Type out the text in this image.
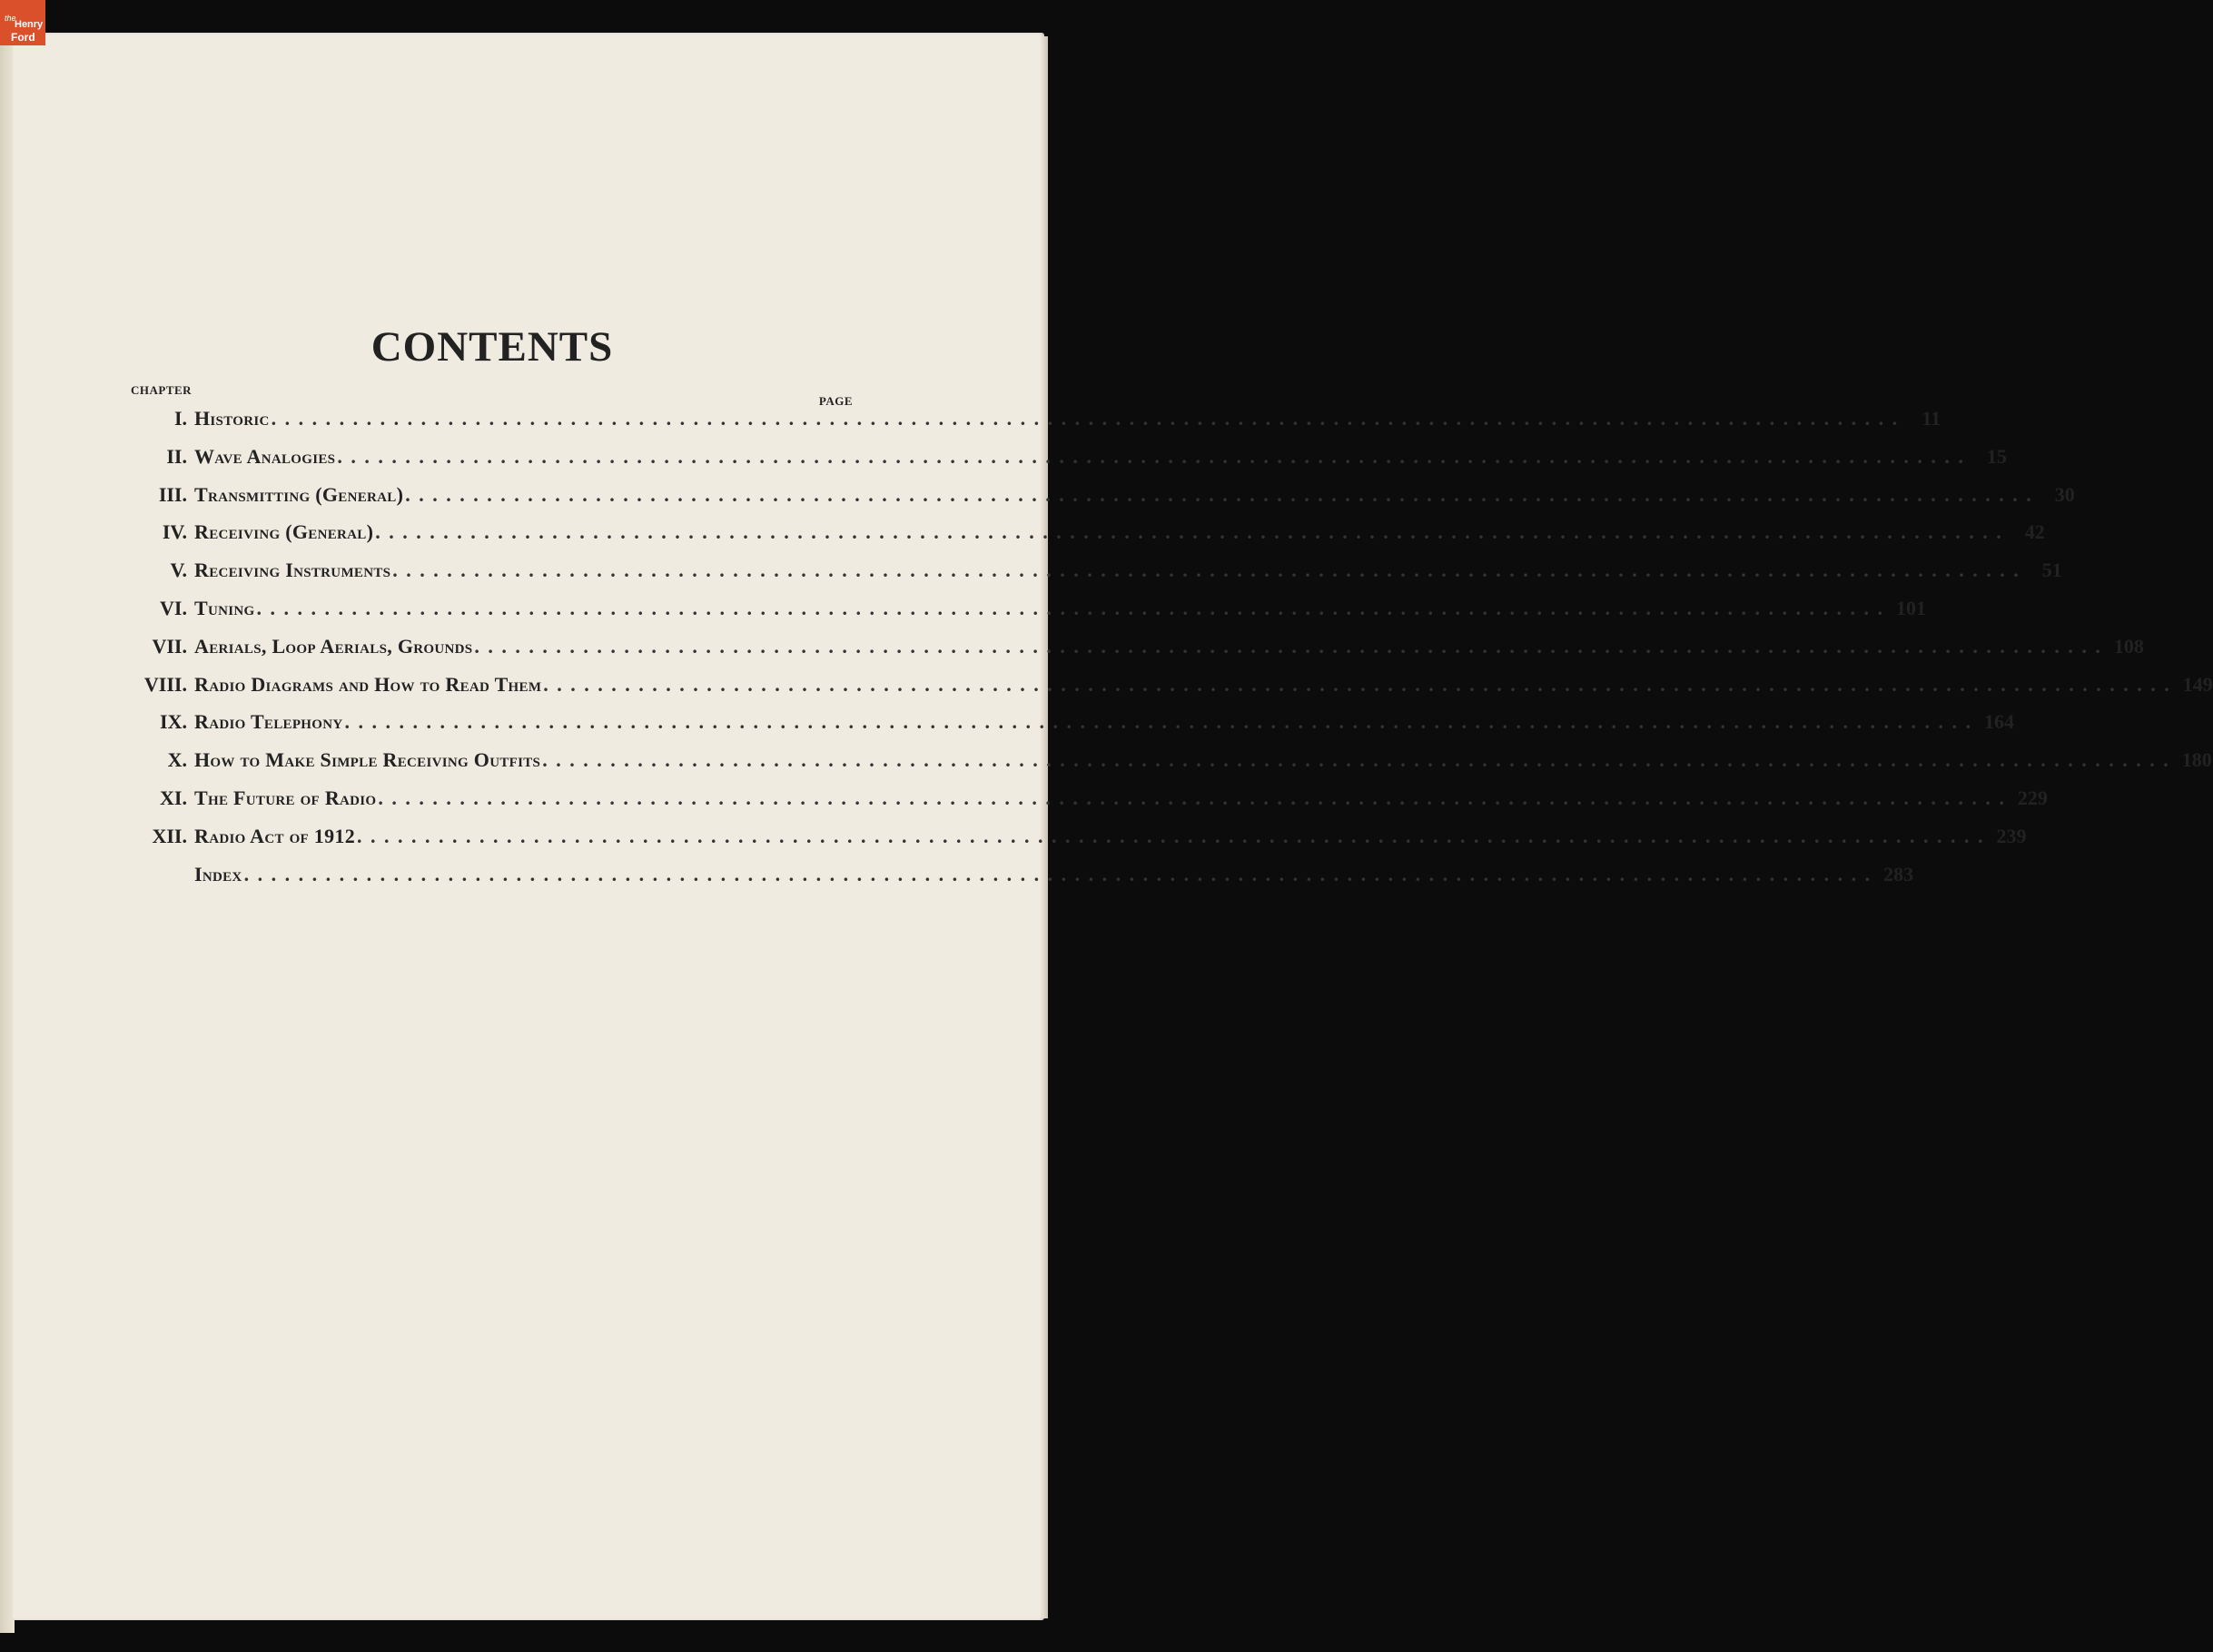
the
Henry
Ford
CONTENTS
CHAPTER
PAGE
I. Historic . . . . . . . . . . . . . . . . . . . . . . . . . . . . . . . . . . . . . . . . . . . . . . . . . . . . . . . . . . . . . . . . . . . . . . . . . . . . . . . . . . . . . . . . . . . . . . . . . . . . . . . . . . . . . . . . . . . . . . . .	11
II. Wave Analogies . . . . . . . . . . . . . . . . . . . . . . . . . . . . . . . . . . . . . . . . . . . . . . . . . . . . . . . . . . . . . . . . . . . . . . . . . . . . . . . . . . . . . . . . . . . . . . . . . . . . . . . . . . . . . . . . . . . . . . . .	15
III. Transmitting (General) . . . . . . . . . . . . . . . . . . . . . . . . . . . . . . . . . . . . . . . . . . . . . . . . . . . . . . . . . . . . . . . . . . . . . . . . . . . . . . . . . . . . . . . . . . . . . . . . . . . . . . . . . . . . . . . . . . . . . . . .	30
IV. Receiving (General) . . . . . . . . . . . . . . . . . . . . . . . . . . . . . . . . . . . . . . . . . . . . . . . . . . . . . . . . . . . . . . . . . . . . . . . . . . . . . . . . . . . . . . . . . . . . . . . . . . . . . . . . . . . . . . . . . . . . . . . .	42
V. Receiving Instruments . . . . . . . . . . . . . . . . . . . . . . . . . . . . . . . . . . . . . . . . . . . . . . . . . . . . . . . . . . . . . . . . . . . . . . . . . . . . . . . . . . . . . . . . . . . . . . . . . . . . . . . . . . . . . . . . . . . . . . . .	51
VI. Tuning . . . . . . . . . . . . . . . . . . . . . . . . . . . . . . . . . . . . . . . . . . . . . . . . . . . . . . . . . . . . . . . . . . . . . . . . . . . . . . . . . . . . . . . . . . . . . . . . . . . . . . . . . . . . . . . . . . . . . . . . 101
VII. Aerials, Loop Aerials, Grounds . . . . . . . . . . . . . . . . . . . . . . . . . . . . . . . . . . . . . . . . . . . . . . . . . . . . . . . . . . . . . . . . . . . . . . . . . . . . . . . . . . . . . . . . . . . . . . . . . . . . . . . . . . . . . . . . . . . . . . . . 108
VIII. Radio Diagrams and How to Read Them . . . . . . . . . . . . . . . . . . . . . . . . . . . . . . . . . . . . . . . . . . . . . . . . . . . . . . . . . . . . . . . . . . . . . . . . . . . . . . . . . . . . . . . . . . . . . . . . . . . . . . . . . . . . . . . . . . . . . . . . 149
IX. Radio Telephony . . . . . . . . . . . . . . . . . . . . . . . . . . . . . . . . . . . . . . . . . . . . . . . . . . . . . . . . . . . . . . . . . . . . . . . . . . . . . . . . . . . . . . . . . . . . . . . . . . . . . . . . . . . . . . . . . . . . . . . . 164
X. How to Make Simple Receiving Outfits . . . . . . . . . . . . . . . . . . . . . . . . . . . . . . . . . . . . . . . . . . . . . . . . . . . . . . . . . . . . . . . . . . . . . . . . . . . . . . . . . . . . . . . . . . . . . . . . . . . . . . . . . . . . . . . . . . . . . . . . 180
XI. The Future of Radio . . . . . . . . . . . . . . . . . . . . . . . . . . . . . . . . . . . . . . . . . . . . . . . . . . . . . . . . . . . . . . . . . . . . . . . . . . . . . . . . . . . . . . . . . . . . . . . . . . . . . . . . . . . . . . . . . . . . . . . . 229
XII. Radio Act of 1912 . . . . . . . . . . . . . . . . . . . . . . . . . . . . . . . . . . . . . . . . . . . . . . . . . . . . . . . . . . . . . . . . . . . . . . . . . . . . . . . . . . . . . . . . . . . . . . . . . . . . . . . . . . . . . . . . . . . . . . . . 239
Index . . . . . . . . . . . . . . . . . . . . . . . . . . . . . . . . . . . . . . . . . . . . . . . . . . . . . . . . . . . . . . . . . . . . . . . . . . . . . . . . . . . . . . . . . . . . . . . . . . . . . . . . . . . . . . . . . . . . . . . . 283
